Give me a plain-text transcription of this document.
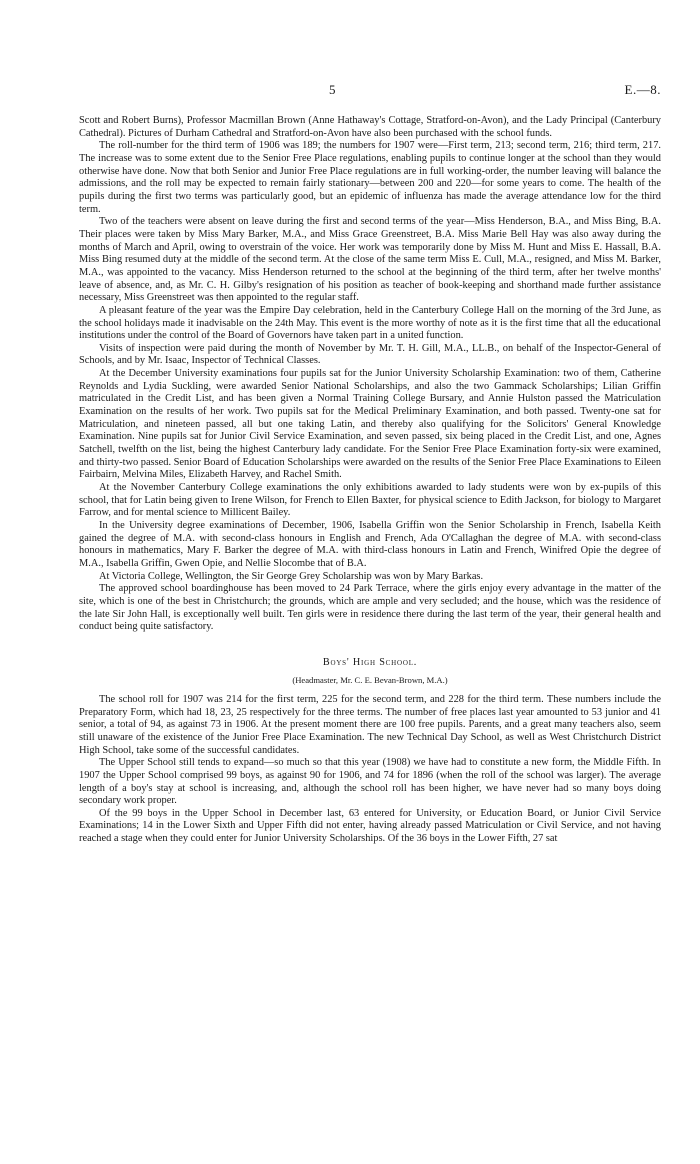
5	E.—8.

Scott and Robert Burns), Professor Macmillan Brown (Anne Hathaway's Cottage, Stratford-on-Avon), and the Lady Principal (Canterbury Cathedral). Pictures of Durham Cathedral and Stratford-on-Avon have also been purchased with the school funds.

The roll-number for the third term of 1906 was 189; the numbers for 1907 were—First term, 213; second term, 216; third term, 217. The increase was to some extent due to the Senior Free Place regulations, enabling pupils to continue longer at the school than they would otherwise have done. Now that both Senior and Junior Free Place regulations are in full working-order, the number leaving will balance the admissions, and the roll may be expected to remain fairly stationary—between 200 and 220—for some years to come. The health of the pupils during the first two terms was particularly good, but an epidemic of influenza has made the average attendance low for the third term.

Two of the teachers were absent on leave during the first and second terms of the year—Miss Henderson, B.A., and Miss Bing, B.A. Their places were taken by Miss Mary Barker, M.A., and Miss Grace Greenstreet, B.A. Miss Marie Bell Hay was also away during the months of March and April, owing to overstrain of the voice. Her work was temporarily done by Miss M. Hunt and Miss E. Hassall, B.A. Miss Bing resumed duty at the middle of the second term. At the close of the same term Miss E. Cull, M.A., resigned, and Miss M. Barker, M.A., was appointed to the vacancy. Miss Henderson returned to the school at the beginning of the third term, after her twelve months' leave of absence, and, as Mr. C. H. Gilby's resignation of his position as teacher of book-keeping and shorthand made further assistance necessary, Miss Greenstreet was then appointed to the regular staff.

A pleasant feature of the year was the Empire Day celebration, held in the Canterbury College Hall on the morning of the 3rd June, as the school holidays made it inadvisable on the 24th May. This event is the more worthy of note as it is the first time that all the educational institutions under the control of the Board of Governors have taken part in a united function.

Visits of inspection were paid during the month of November by Mr. T. H. Gill, M.A., LL.B., on behalf of the Inspector-General of Schools, and by Mr. Isaac, Inspector of Technical Classes.

At the December University examinations four pupils sat for the Junior University Scholarship Examination: two of them, Catherine Reynolds and Lydia Suckling, were awarded Senior National Scholarships, and also the two Gammack Scholarships; Lilian Griffin matriculated in the Credit List, and has been given a Normal Training College Bursary, and Annie Hulston passed the Matriculation Examination on the results of her work. Two pupils sat for the Medical Preliminary Examination, and both passed. Twenty-one sat for Matriculation, and nineteen passed, all but one taking Latin, and thereby also qualifying for the Solicitors' General Knowledge Examination. Nine pupils sat for Junior Civil Service Examination, and seven passed, six being placed in the Credit List, and one, Agnes Satchell, twelfth on the list, being the highest Canterbury lady candidate. For the Senior Free Place Examination forty-six were examined, and thirty-two passed. Senior Board of Education Scholarships were awarded on the results of the Senior Free Place Examinations to Eileen Fairbairn, Melvina Miles, Elizabeth Harvey, and Rachel Smith.

At the November Canterbury College examinations the only exhibitions awarded to lady students were won by ex-pupils of this school, that for Latin being given to Irene Wilson, for French to Ellen Baxter, for physical science to Edith Jackson, for biology to Margaret Farrow, and for mental science to Millicent Bailey.

In the University degree examinations of December, 1906, Isabella Griffin won the Senior Scholarship in French, Isabella Keith gained the degree of M.A. with second-class honours in English and French, Ada O'Callaghan the degree of M.A. with second-class honours in mathematics, Mary F. Barker the degree of M.A. with third-class honours in Latin and French, Winifred Opie the degree of M.A., Isabella Griffin, Gwen Opie, and Nellie Slocombe that of B.A.

At Victoria College, Wellington, the Sir George Grey Scholarship was won by Mary Barkas.

The approved school boardinghouse has been moved to 24 Park Terrace, where the girls enjoy every advantage in the matter of the site, which is one of the best in Christchurch; the grounds, which are ample and very secluded; and the house, which was the residence of the late Sir John Hall, is exceptionally well built. Ten girls were in residence there during the last term of the year, their general health and conduct being quite satisfactory.

Boys' High School.
(Headmaster, Mr. C. E. Bevan-Brown, M.A.)

The school roll for 1907 was 214 for the first term, 225 for the second term, and 228 for the third term. These numbers include the Preparatory Form, which had 18, 23, 25 respectively for the three terms. The number of free places last year amounted to 53 junior and 41 senior, a total of 94, as against 73 in 1906. At the present moment there are 100 free pupils. Parents, and a great many teachers also, seem still unaware of the existence of the Junior Free Place Examination. The new Technical Day School, as well as West Christchurch District High School, take some of the successful candidates.

The Upper School still tends to expand—so much so that this year (1908) we have had to constitute a new form, the Middle Fifth. In 1907 the Upper School comprised 99 boys, as against 90 for 1906, and 74 for 1896 (when the roll of the school was larger). The average length of a boy's stay at school is increasing, and, although the school roll has been higher, we have never had so many boys doing secondary work proper.

Of the 99 boys in the Upper School in December last, 63 entered for University, or Education Board, or Junior Civil Service Examinations; 14 in the Lower Sixth and Upper Fifth did not enter, having already passed Matriculation or Civil Service, and not having reached a stage when they could enter for Junior University Scholarships. Of the 36 boys in the Lower Fifth, 27 sat
